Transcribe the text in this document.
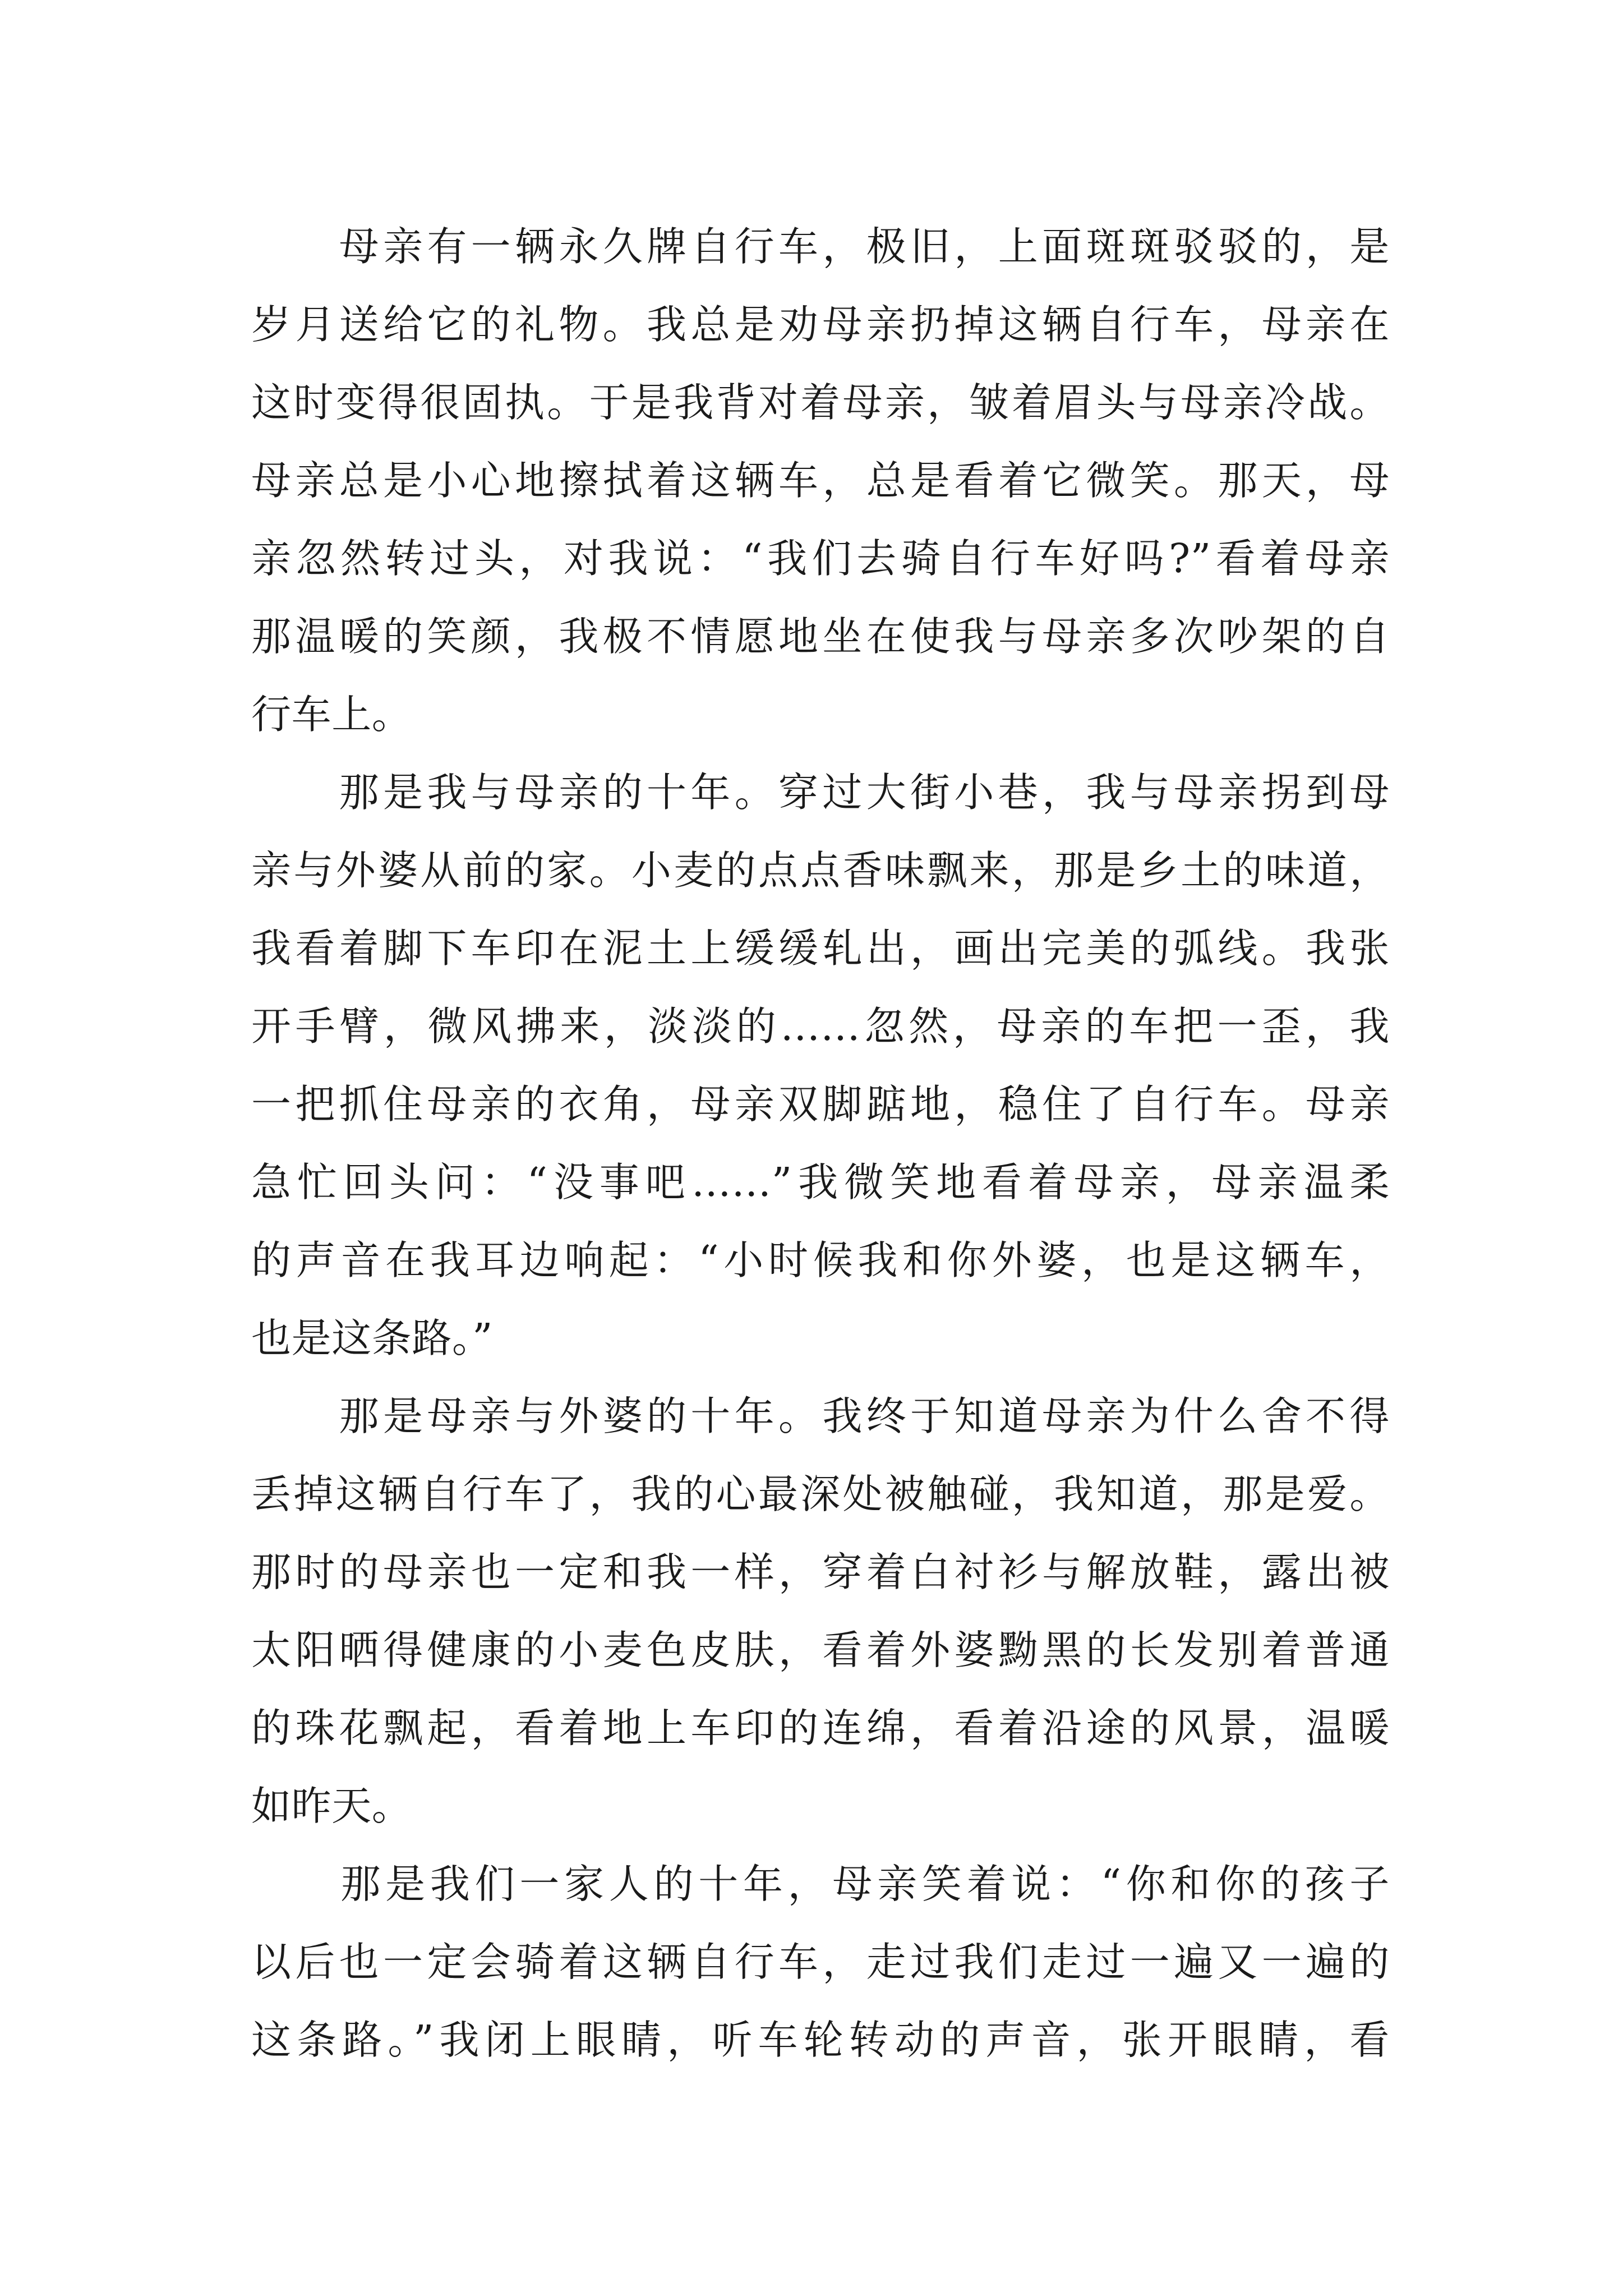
　　母亲有一辆永久牌自行车，极旧，上面斑斑驳驳的，是
岁月送给它的礼物。我总是劝母亲扔掉这辆自行车，母亲在
这时变得很固执。于是我背对着母亲，皱着眉头与母亲冷战。
母亲总是小心地擦拭着这辆车，总是看着它微笑。那天，母
亲忽然转过头，对我说：“我们去骑自行车好吗?”看着母亲
那温暖的笑颜，我极不情愿地坐在使我与母亲多次吵架的自
行车上。
　　那是我与母亲的十年。穿过大街小巷，我与母亲拐到母
亲与外婆从前的家。小麦的点点香味飘来，那是乡土的味道，
我看着脚下车印在泥土上缓缓轧出，画出完美的弧线。我张
开手臂，微风拂来，淡淡的……忽然，母亲的车把一歪，我
一把抓住母亲的衣角，母亲双脚踮地，稳住了自行车。母亲
急忙回头问：“没事吧……”我微笑地看着母亲，母亲温柔
的声音在我耳边响起：“小时候我和你外婆，也是这辆车，
也是这条路。”
　　那是母亲与外婆的十年。我终于知道母亲为什么舍不得
丢掉这辆自行车了，我的心最深处被触碰，我知道，那是爱。
那时的母亲也一定和我一样，穿着白衬衫与解放鞋，露出被
太阳晒得健康的小麦色皮肤，看着外婆黝黑的长发别着普通
的珠花飘起，看着地上车印的连绵，看着沿途的风景，温暖
如昨天。
　　那是我们一家人的十年，母亲笑着说：“你和你的孩子
以后也一定会骑着这辆自行车，走过我们走过一遍又一遍的
这条路。”我闭上眼睛，听车轮转动的声音，张开眼睛，看
